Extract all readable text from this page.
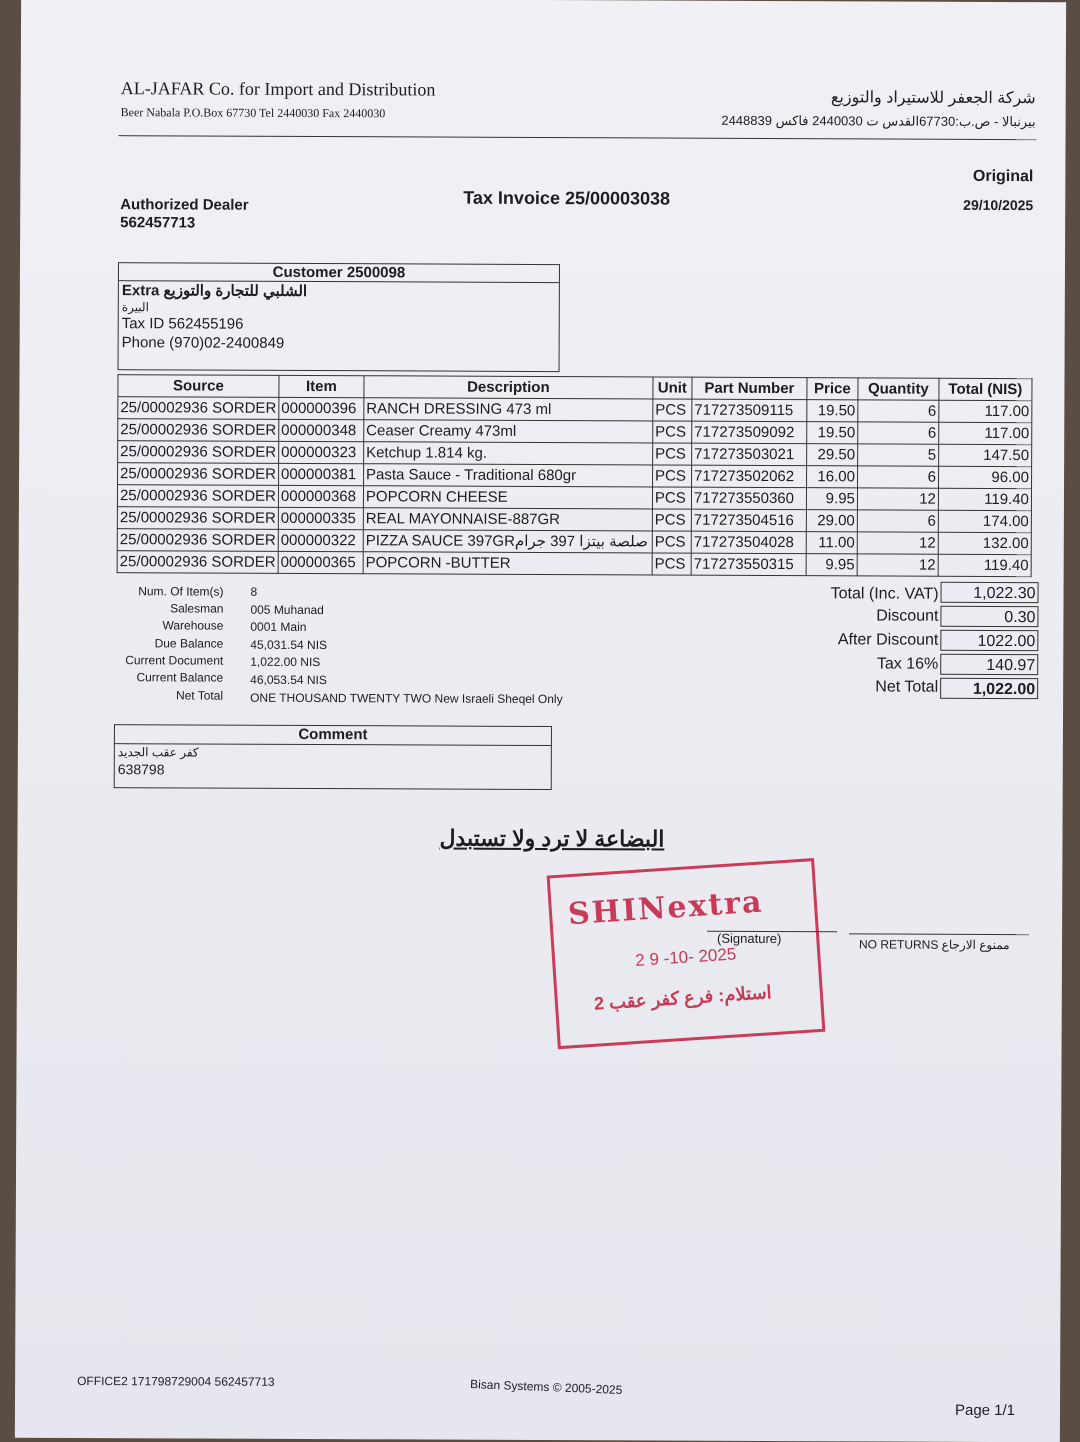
AL-JAFAR Co. for Import and Distribution
Beer Nabala P.O.Box 67730 Tel 2440030 Fax 2440030
شركة الجعفر للاستيراد والتوزيع
بيرنبالا - ص.ب:67730القدس ت 2440030 فاكس 2448839
Authorized Dealer
562457713
Tax Invoice 25/00003038
Original
29/10/2025
Customer 2500098
Extra الشلبي للتجارة والتوزيع
البيرة
Tax ID 562455196
Phone (970)02-2400849
Source	Item	Description	Unit	Part Number	Price	Quantity	Total (NIS)
25/00002936 SORDER	000000396	RANCH DRESSING 473 ml	PCS	717273509115	19.50	6	117.00
25/00002936 SORDER	000000348	Ceaser Creamy 473ml	PCS	717273509092	19.50	6	117.00
25/00002936 SORDER	000000323	Ketchup 1.814 kg.	PCS	717273503021	29.50	5	147.50
25/00002936 SORDER	000000381	Pasta Sauce - Traditional 680gr	PCS	717273502062	16.00	6	96.00
25/00002936 SORDER	000000368	POPCORN CHEESE	PCS	717273550360	9.95	12	119.40
25/00002936 SORDER	000000335	REAL MAYONNAISE-887GR	PCS	717273504516	29.00	6	174.00
25/00002936 SORDER	000000322	PIZZA SAUCE 397GRصلصة بيتزا 397 جرام	PCS	717273504028	11.00	12	132.00
25/00002936 SORDER	000000365	POPCORN -BUTTER	PCS	717273550315	9.95	12	119.40
Num. Of Item(s) 8
Salesman 005 Muhanad
Warehouse 0001 Main
Due Balance 45,031.54 NIS
Current Document 1,022.00 NIS
Current Balance 46,053.54 NIS
Net Total ONE THOUSAND TWENTY TWO New Israeli Sheqel Only
Total (Inc. VAT)	1,022.30
Discount	0.30
After Discount	1022.00
Tax 16%	140.97
Net Total	1,022.00
Comment
كفر عقب الجديد
638798
البضاعة لا ترد ولا تستبدل
SHINextra
2 9 -10- 2025
استلام: فرع كفر عقب 2
(Signature)	NO RETURNS ممنوع الارجاع
OFFICE2 171798729004 562457713	Bisan Systems © 2005-2025
Page 1/1
